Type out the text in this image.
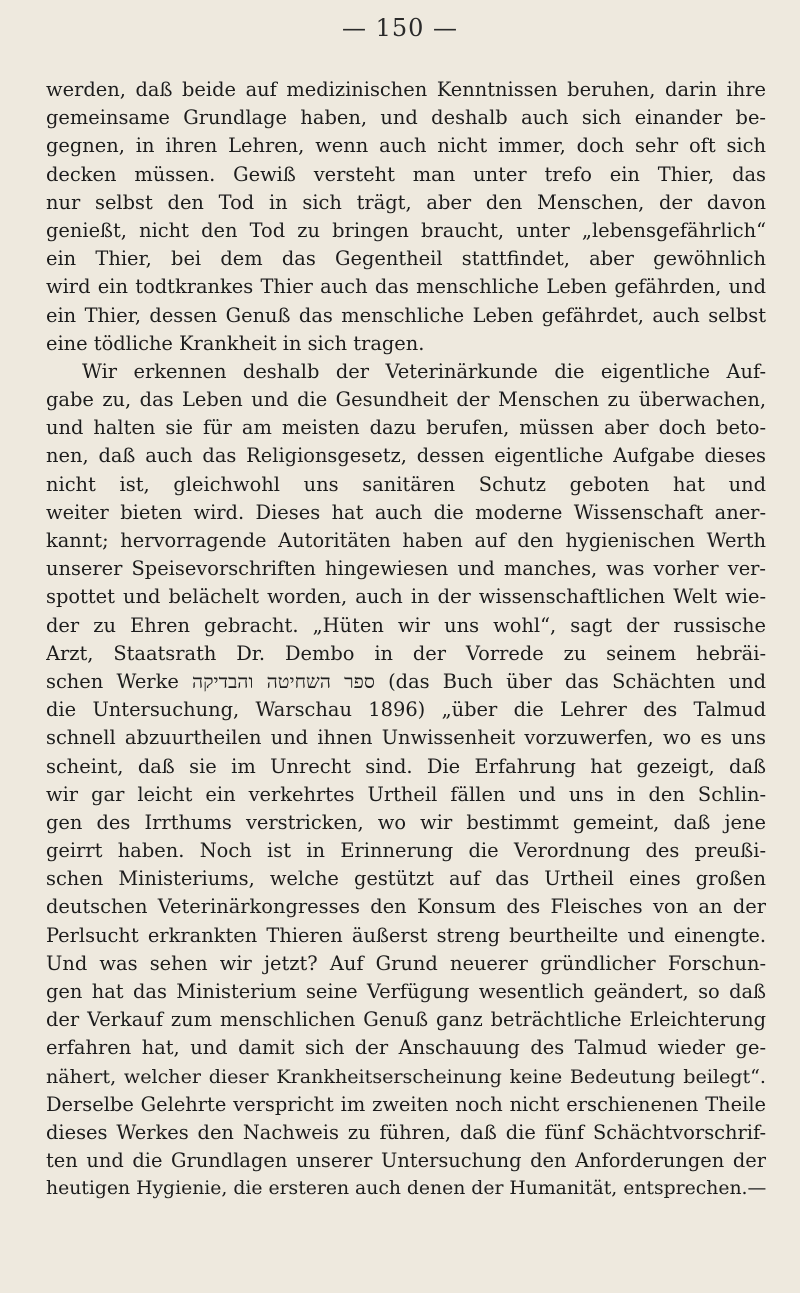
— 150 —
werden, daß beide auf medizinischen Kenntnissen beruhen, darin ihre
gemeinsame Grundlage haben, und deshalb auch sich einander be-
gegnen, in ihren Lehren, wenn auch nicht immer, doch sehr oft sich
decken müssen. Gewiß versteht man unter trefo ein Thier, das
nur selbst den Tod in sich trägt, aber den Menschen, der davon
genießt, nicht den Tod zu bringen braucht, unter „lebensgefährlich“
ein Thier, bei dem das Gegentheil stattfindet, aber gewöhnlich
wird ein todtkrankes Thier auch das menschliche Leben gefährden, und
ein Thier, dessen Genuß das menschliche Leben gefährdet, auch selbst
eine tödliche Krankheit in sich tragen.
Wir erkennen deshalb der Veterinärkunde die eigentliche Auf-
gabe zu, das Leben und die Gesundheit der Menschen zu überwachen,
und halten sie für am meisten dazu berufen, müssen aber doch beto-
nen, daß auch das Religionsgesetz, dessen eigentliche Aufgabe dieses
nicht ist, gleichwohl uns sanitären Schutz geboten hat und
weiter bieten wird. Dieses hat auch die moderne Wissenschaft aner-
kannt; hervorragende Autoritäten haben auf den hygienischen Werth
unserer Speisevorschriften hingewiesen und manches, was vorher ver-
spottet und belächelt worden, auch in der wissenschaftlichen Welt wie-
der zu Ehren gebracht. „Hüten wir uns wohl“, sagt der russische
Arzt, Staatsrath Dr. Dembo in der Vorrede zu seinem hebräi-
schen Werke ספר השחיטה והבדיקה (das Buch über das Schächten und
die Untersuchung, Warschau 1896) „über die Lehrer des Talmud
schnell abzuurtheilen und ihnen Unwissenheit vorzuwerfen, wo es uns
scheint, daß sie im Unrecht sind. Die Erfahrung hat gezeigt, daß
wir gar leicht ein verkehrtes Urtheil fällen und uns in den Schlin-
gen des Irrthums verstricken, wo wir bestimmt gemeint, daß jene
geirrt haben. Noch ist in Erinnerung die Verordnung des preußi-
schen Ministeriums, welche gestützt auf das Urtheil eines großen
deutschen Veterinärkongresses den Konsum des Fleisches von an der
Perlsucht erkrankten Thieren äußerst streng beurtheilte und einengte.
Und was sehen wir jetzt? Auf Grund neuerer gründlicher Forschun-
gen hat das Ministerium seine Verfügung wesentlich geändert, so daß
der Verkauf zum menschlichen Genuß ganz beträchtliche Erleichterung
erfahren hat, und damit sich der Anschauung des Talmud wieder ge-
nähert, welcher dieser Krankheitserscheinung keine Bedeutung beilegt“.
Derselbe Gelehrte verspricht im zweiten noch nicht erschienenen Theile
dieses Werkes den Nachweis zu führen, daß die fünf Schächtvorschrif-
ten und die Grundlagen unserer Untersuchung den Anforderungen der
heutigen Hygienie, die ersteren auch denen der Humanität, entsprechen.—
